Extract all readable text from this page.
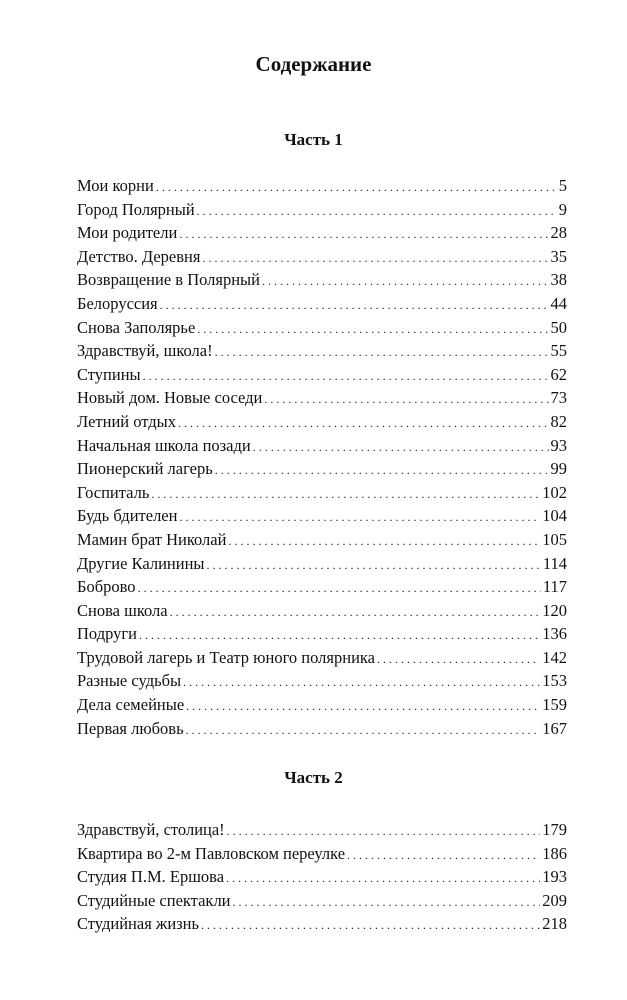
Содержание
Часть 1
Мои корни . . .	5
Город Полярный . . .	9
Мои родители . . .	28
Детство. Деревня . . .	35
Возвращение в Полярный . . .	38
Белоруссия . . .	44
Снова Заполярье . . .	50
Здравствуй, школа! . . .	55
Ступины . . .	62
Новый дом. Новые соседи . . .	73
Летний отдых . . .	82
Начальная школа позади . . .	93
Пионерский лагерь . . .	99
Госпиталь . . .	102
Будь бдителен . . .	104
Мамин брат Николай . . .	105
Другие Калинины . . .	114
Боброво . . .	117
Снова школа . . .	120
Подруги . . .	136
Трудовой лагерь и Театр юного полярника . . .	142
Разные судьбы . . .	153
Дела семейные . . .	159
Первая любовь . . .	167
Часть 2
Здравствуй, столица! . . .	179
Квартира во 2-м Павловском переулке . . .	186
Студия П.М. Ершова . . .	193
Студийные спектакли . . .	209
Студийная жизнь . . .	218
